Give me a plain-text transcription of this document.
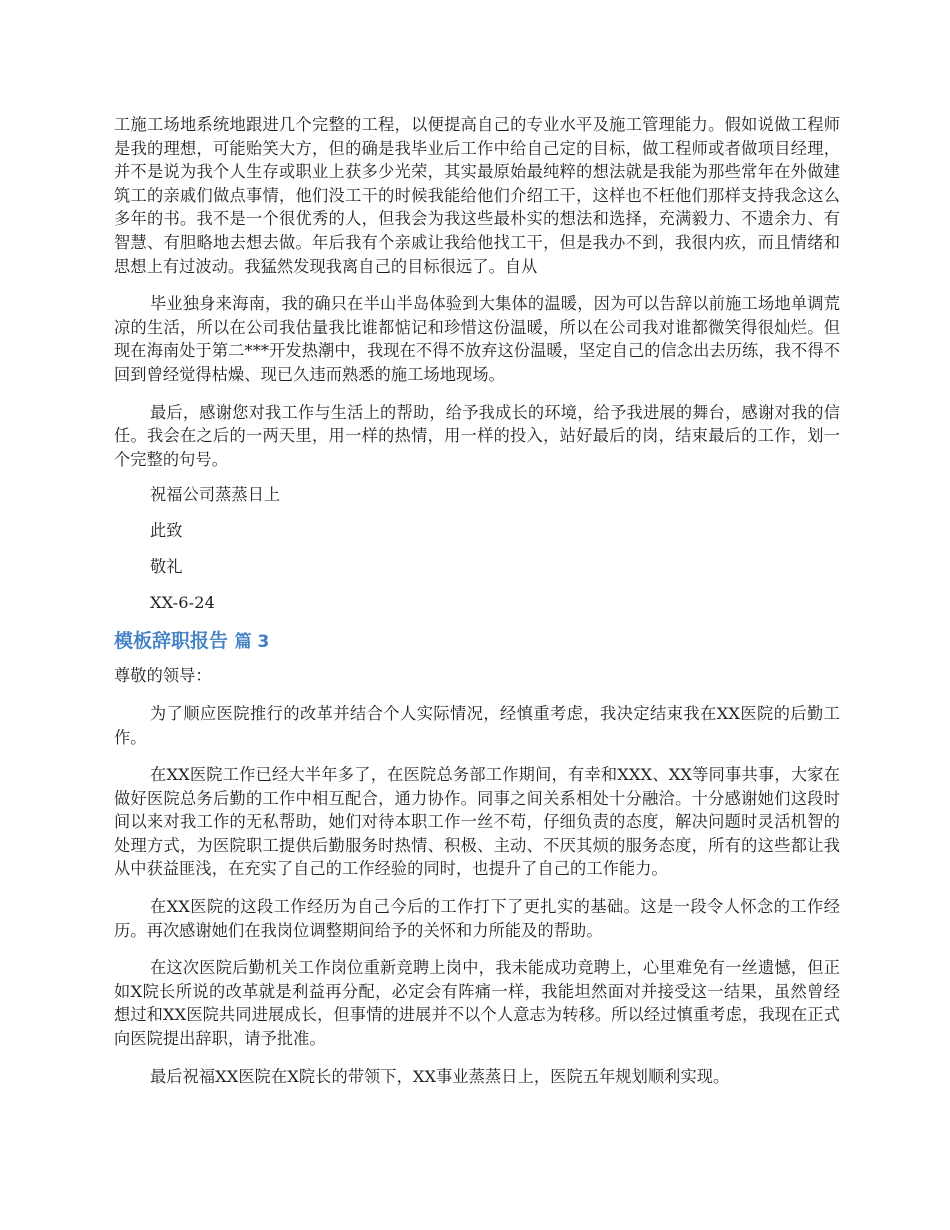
工施工场地系统地跟进几个完整的工程，以便提高自己的专业水平及施工管理能力。假如说做工程师是我的理想，可能贻笑大方，但的确是我毕业后工作中给自己定的目标，做工程师或者做项目经理，并不是说为我个人生存或职业上获多少光荣，其实最原始最纯粹的想法就是我能为那些常年在外做建筑工的亲戚们做点事情，他们没工干的时候我能给他们介绍工干，这样也不枉他们那样支持我念这么多年的书。我不是一个很优秀的人，但我会为我这些最朴实的想法和选择，充满毅力、不遗余力、有智慧、有胆略地去想去做。年后我有个亲戚让我给他找工干，但是我办不到，我很内疚，而且情绪和思想上有过波动。我猛然发现我离自己的目标很远了。自从

毕业独身来海南，我的确只在半山半岛体验到大集体的温暖，因为可以告辞以前施工场地单调荒凉的生活，所以在公司我估量我比谁都惦记和珍惜这份温暖，所以在公司我对谁都微笑得很灿烂。但现在海南处于第二***开发热潮中，我现在不得不放弃这份温暖，坚定自己的信念出去历练，我不得不回到曾经觉得枯燥、现已久违而熟悉的施工场地现场。

最后，感谢您对我工作与生活上的帮助，给予我成长的环境，给予我进展的舞台，感谢对我的信任。我会在之后的一两天里，用一样的热情，用一样的投入，站好最后的岗，结束最后的工作，划一个完整的句号。

祝福公司蒸蒸日上

此致

敬礼

XX-6-24

模板辞职报告 篇 3

尊敬的领导：

为了顺应医院推行的改革并结合个人实际情况，经慎重考虑，我决定结束我在XX医院的后勤工作。

在XX医院工作已经大半年多了，在医院总务部工作期间，有幸和XXX、XX等同事共事，大家在做好医院总务后勤的工作中相互配合，通力协作。同事之间关系相处十分融洽。十分感谢她们这段时间以来对我工作的无私帮助，她们对待本职工作一丝不苟，仔细负责的态度，解决问题时灵活机智的处理方式，为医院职工提供后勤服务时热情、积极、主动、不厌其烦的服务态度，所有的这些都让我从中获益匪浅，在充实了自己的工作经验的同时，也提升了自己的工作能力。

在XX医院的这段工作经历为自己今后的工作打下了更扎实的基础。这是一段令人怀念的工作经历。再次感谢她们在我岗位调整期间给予的关怀和力所能及的帮助。

在这次医院后勤机关工作岗位重新竞聘上岗中，我未能成功竞聘上，心里难免有一丝遗憾，但正如X院长所说的改革就是利益再分配，必定会有阵痛一样，我能坦然面对并接受这一结果，虽然曾经想过和XX医院共同进展成长，但事情的进展并不以个人意志为转移。所以经过慎重考虑，我现在正式向医院提出辞职，请予批准。

最后祝福XX医院在X院长的带领下，XX事业蒸蒸日上，医院五年规划顺利实现。
